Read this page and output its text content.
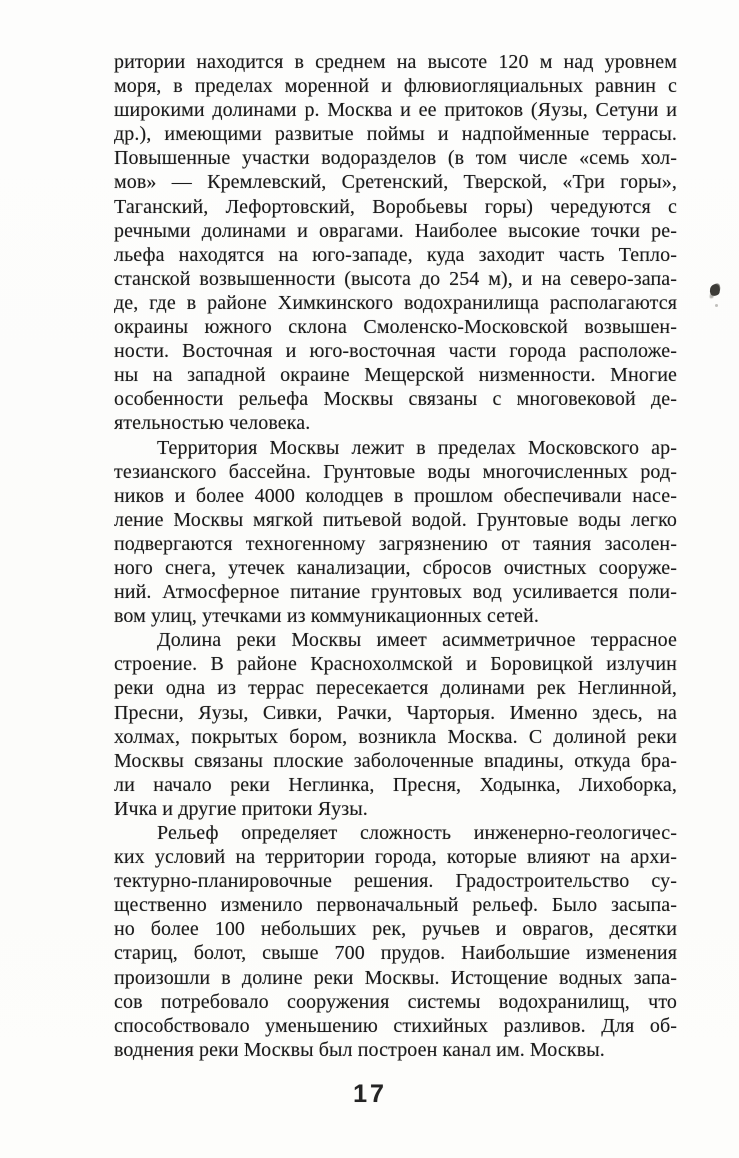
ритории находится в среднем на высоте 120 м над уровнем
моря, в пределах моренной и флювиогляциальных равнин с
широкими долинами р. Москва и ее притоков (Яузы, Сетуни и
др.), имеющими развитые поймы и надпойменные террасы.
Повышенные участки водоразделов (в том числе «семь хол-
мов» — Кремлевский, Сретенский, Тверской, «Три горы»,
Таганский, Лефортовский, Воробьевы горы) чередуются с
речными долинами и оврагами. Наиболее высокие точки ре-
льефа находятся на юго-западе, куда заходит часть Тепло-
станской возвышенности (высота до 254 м), и на северо-запа-
де, где в районе Химкинского водохранилища располагаются
окраины южного склона Смоленско-Московской возвышен-
ности. Восточная и юго-восточная части города расположе-
ны на западной окраине Мещерской низменности. Многие
особенности рельефа Москвы связаны с многовековой де-
ятельностью человека.
Территория Москвы лежит в пределах Московского ар-
тезианского бассейна. Грунтовые воды многочисленных род-
ников и более 4000 колодцев в прошлом обеспечивали насе-
ление Москвы мягкой питьевой водой. Грунтовые воды легко
подвергаются техногенному загрязнению от таяния засолен-
ного снега, утечек канализации, сбросов очистных сооруже-
ний. Атмосферное питание грунтовых вод усиливается поли-
вом улиц, утечками из коммуникационных сетей.
Долина реки Москвы имеет асимметричное террасное
строение. В районе Краснохолмской и Боровицкой излучин
реки одна из террас пересекается долинами рек Неглинной,
Пресни, Яузы, Сивки, Рачки, Чарторыя. Именно здесь, на
холмах, покрытых бором, возникла Москва. С долиной реки
Москвы связаны плоские заболоченные впадины, откуда бра-
ли начало реки Неглинка, Пресня, Ходынка, Лихоборка,
Ичка и другие притоки Яузы.
Рельеф определяет сложность инженерно-геологичес-
ких условий на территории города, которые влияют на архи-
тектурно-планировочные решения. Градостроительство су-
щественно изменило первоначальный рельеф. Было засыпа-
но более 100 небольших рек, ручьев и оврагов, десятки
стариц, болот, свыше 700 прудов. Наибольшие изменения
произошли в долине реки Москвы. Истощение водных запа-
сов потребовало сооружения системы водохранилищ, что
способствовало уменьшению стихийных разливов. Для об-
воднения реки Москвы был построен канал им. Москвы.
17
